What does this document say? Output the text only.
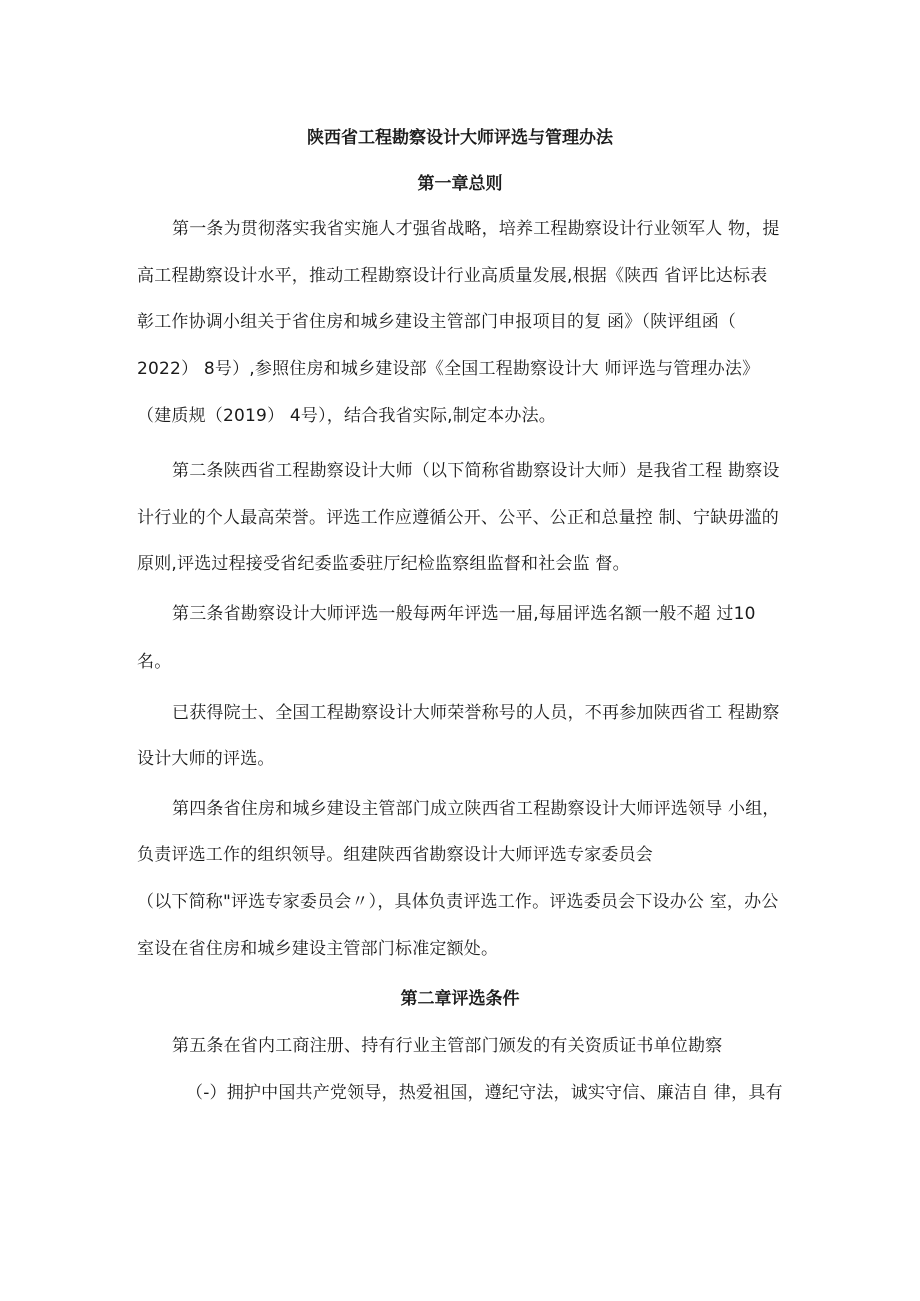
陕西省工程勘察设计大师评选与管理办法
第一章总则
第一条为贯彻落实我省实施人才强省战略，培养工程勘察设计行业领军人 物，提
高工程勘察设计水平，推动工程勘察设计行业高质量发展,根据《陕西 省评比达标表
彰工作协调小组关于省住房和城乡建设主管部门申报项目的复 函》（陕评组函（
2022） 8号）,参照住房和城乡建设部《全国工程勘察设计大 师评选与管理办法》
（建质规（2019） 4号），结合我省实际,制定本办法。
第二条陕西省工程勘察设计大师（以下简称省勘察设计大师）是我省工程 勘察设
计行业的个人最高荣誉。评选工作应遵循公开、公平、公正和总量控 制、宁缺毋滥的
原则,评选过程接受省纪委监委驻厅纪检监察组监督和社会监 督。
第三条省勘察设计大师评选一般每两年评选一届,每届评选名额一般不超 过10
名。
已获得院士、全国工程勘察设计大师荣誉称号的人员，不再参加陕西省工 程勘察
设计大师的评选。
第四条省住房和城乡建设主管部门成立陕西省工程勘察设计大师评选领导 小组，
负责评选工作的组织领导。组建陕西省勘察设计大师评选专家委员会
（以下简称"评选专家委员会〃），具体负责评选工作。评选委员会下设办公 室，办公
室设在省住房和城乡建设主管部门标准定额处。
第二章评选条件
第五条在省内工商注册、持有行业主管部门颁发的有关资质证书单位勘察
（-）拥护中国共产党领导，热爱祖国，遵纪守法，诚实守信、廉洁自 律，具有
